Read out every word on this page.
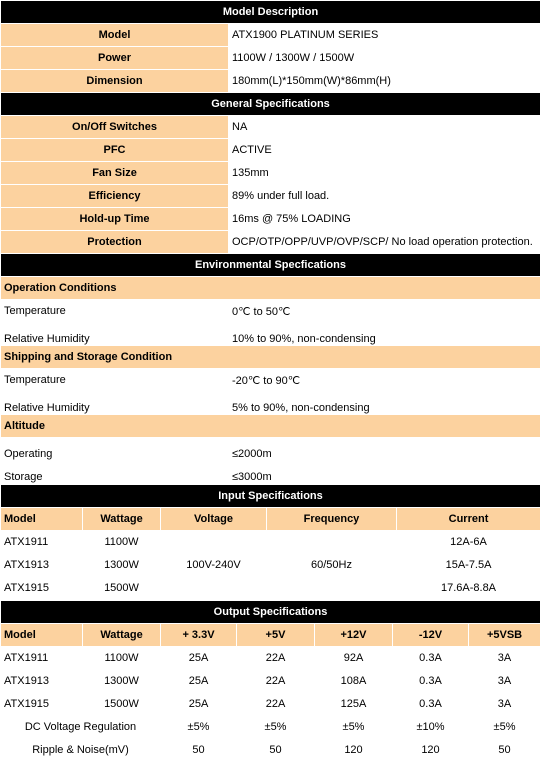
Model Description	
Model	ATX1900 PLATINUM SERIES
Power	1100W / 1300W / 1500W
Dimension	180mm(L)*150mm(W)*86mm(H)
General Specifications	
On/Off Switches	NA
PFC	ACTIVE
Fan Size	135mm
Efficiency	89% under full load.
Hold-up Time	16ms @ 75% LOADING
Protection	OCP/OTP/OPP/UVP/OVP/SCP/ No load operation protection.
Environmental Specfications	
Operation Conditions	
Temperature	0℃ to 50℃
Relative Humidity	10% to 90%, non-condensing
Shipping and Storage Condition	
Temperature	-20℃ to 90℃
Relative Humidity	5% to 90%, non-condensing
Altitude	
Operating	≤2000m
Storage	≤3000m
Input Specifications				
Model	Wattage	Voltage	Frequency	Current
ATX1911	1100W	100V-240V	60/50Hz	12A-6A
ATX1913	1300W			15A-7.5A
ATX1915	1500W			17.6A-8.8A
Output Specifications						
Model	Wattage	+ 3.3V	+5V	+12V	-12V	+5VSB
ATX1911	1100W	25A	22A	92A	0.3A	3A
ATX1913	1300W	25A	22A	108A	0.3A	3A
ATX1915	1500W	25A	22A	125A	0.3A	3A
DC Voltage Regulation		±5%	±5%	±5%	±10%	±5%
Ripple & Noise(mV)		50	50	120	120	50
